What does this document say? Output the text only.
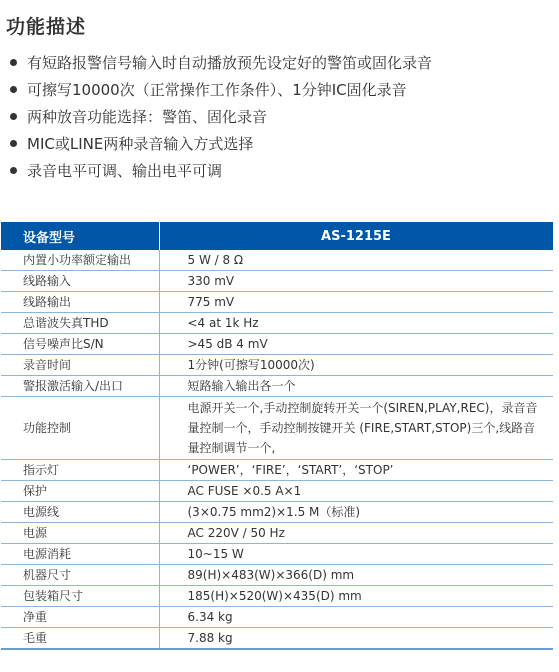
功能描述
有短路报警信号输入时自动播放预先设定好的警笛或固化录音
可擦写10000次（正常操作工作条件）、1分钟IC固化录音
两种放音功能选择：警笛、固化录音
MIC或LINE两种录音输入方式选择
录音电平可调、输出电平可调
设备型号	AS-1215E
内置小功率额定输出	5 W / 8 Ω
线路输入	330 mV
线路输出	775 mV
总谐波失真THD	<4 at 1k Hz
信号噪声比S/N	>45 dB 4 mV
录音时间	1分钟(可擦写10000次)
警报激活输入/出口	短路输入输出各一个
功能控制	电源开关一个,手动控制旋转开关一个(SIREN,PLAY,REC)，录音音量控制一个，手动控制按键开关 (FIRE,START,STOP)三个,线路音量控制调节一个,
指示灯	‘POWER’，‘FIRE’，‘START’，‘STOP’
保护	AC FUSE ×0.5 A×1
电源线	(3×0.75 mm2)×1.5 M（标准)
电源	AC 220V / 50 Hz
电源消耗	10~15 W
机器尺寸	89(H)×483(W)×366(D) mm
包装箱尺寸	185(H)×520(W)×435(D) mm
净重	6.34 kg
毛重	7.88 kg
